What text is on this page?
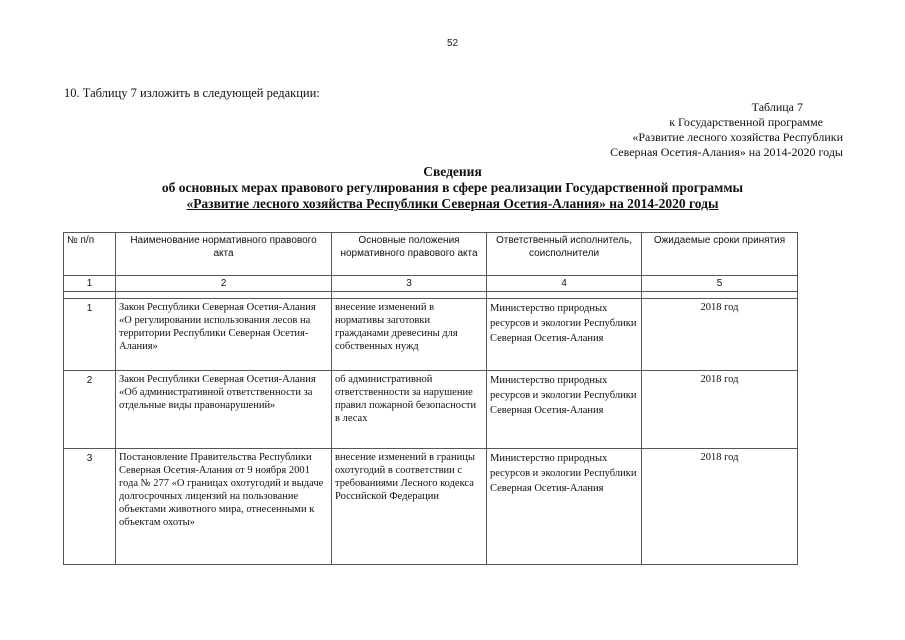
52
10. Таблицу 7 изложить в следующей редакции:
Таблица 7
к Государственной программе
«Развитие лесного хозяйства Республики
Северная Осетия-Алания» на 2014-2020 годы
Сведения
об основных мерах правового регулирования в сфере реализации Государственной программы
«Развитие лесного хозяйства Республики Северная Осетия-Алания» на 2014-2020 годы
№ п/п	Наименование нормативного правового акта	Основные положения нормативного правового акта	Ответственный исполнитель, соисполнители	Ожидаемые сроки принятия
1	2	3	4	5

1	Закон Республики Северная Осетия-Алания «О регулировании использования лесов на территории Республики Северная Осетия-Алания»	внесение изменений в нормативы заготовки гражданами древесины для собственных нужд	Министерство природных ресурсов и экологии Республики Северная Осетия-Алания	2018 год
2	Закон Республики Северная Осетия-Алания «Об административной ответственности за отдельные виды правонарушений»	об административной ответственности за нарушение правил пожарной безопасности в лесах	Министерство природных ресурсов и экологии Республики Северная Осетия-Алания	2018 год
3	Постановление Правительства Республики Северная Осетия-Алания от 9 ноября 2001 года № 277 «О границах охотугодий и выдаче долгосрочных лицензий на пользование объектами животного мира, отнесенными к объектам охоты»	внесение изменений в границы охотугодий в соответствии с требованиями Лесного кодекса Российской Федерации	Министерство природных ресурсов и экологии Республики Северная Осетия-Алания	2018 год
